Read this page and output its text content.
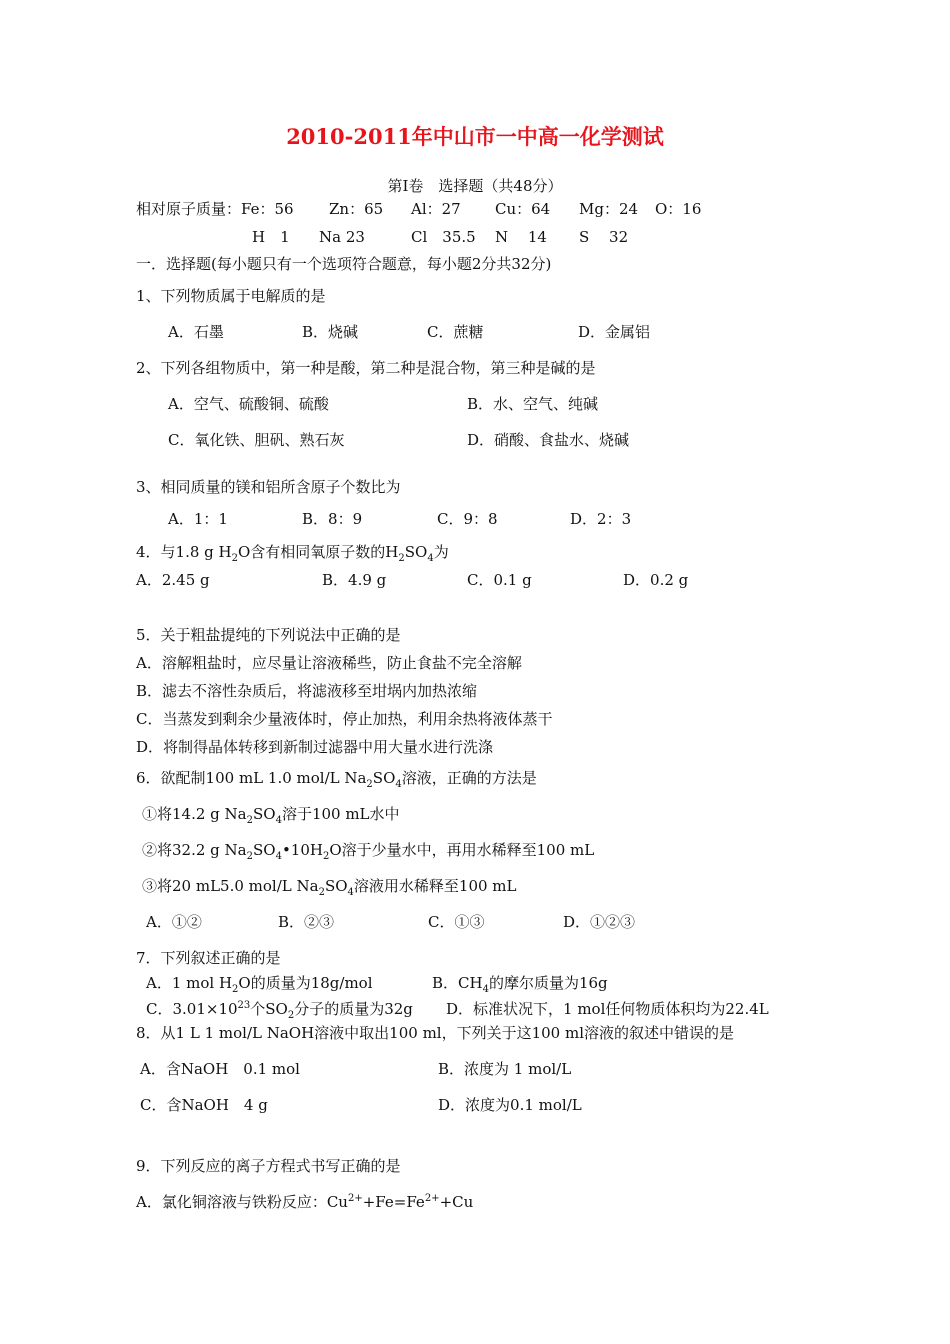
2010-2011年中山市一中高一化学测试
第Ⅰ卷　选择题（共48分）
相对原子质量：Fe：56 Zn：65 Al：27 Cu：64 Mg：24 O：16
H　1 Na 23	Cl　35.5 N　 14 S　 32
一．选择题(每小题只有一个选项符合题意，每小题2分共32分)
1、下列物质属于电解质的是
A．石墨	B．烧碱	C．蔗糖	D．金属铝
2、下列各组物质中，第一种是酸，第二种是混合物，第三种是碱的是
A．空气、硫酸铜、硫酸	B．水、空气、纯碱
C．氧化铁、胆矾、熟石灰	D．硝酸、食盐水、烧碱
3、相同质量的镁和铝所含原子个数比为
A．1：1	B．8：9	C．9：8	D．2：3
4．与1.8 g $H_2O$含有相同氧原子数的$H_2SO_4$为
A．2.45 g	B．4.9 g	C．0.1 g	D．0.2 g
5．关于粗盐提纯的下列说法中正确的是
A．溶解粗盐时，应尽量让溶液稀些，防止食盐不完全溶解
B．滤去不溶性杂质后，将滤液移至坩埚内加热浓缩
C．当蒸发到剩余少量液体时，停止加热，利用余热将液体蒸干
D．将制得晶体转移到新制过滤器中用大量水进行洗涤
6．欲配制100 mL 1.0 mol/L $Na_2SO_4$溶液，正确的方法是
①将14.2 g $Na_2SO_4$溶于100 mL水中
②将32.2 g $Na_2SO_4•10H_2O$溶于少量水中，再用水稀释至100 mL
③将20 mL5.0 mol/L $Na_2SO_4$溶液用水稀释至100 mL
A．①②	B．②③	C．①③	D．①②③
7．下列叙述正确的是
A．1 mol $H_2O$的质量为18g/mol	B．$CH_4$的摩尔质量为16g
C．$3.01\times 10^{23}$个$SO_2$分子的质量为32g D．标准状况下，1 mol任何物质体积均为22.4L
8．从1 L 1 mol/L NaOH溶液中取出100 ml，下列关于这100 ml溶液的叙述中错误的是
A．含NaOH　0.1 mol	B．浓度为 1 mol/L
C．含NaOH　4 g	D．浓度为0.1 mol/L
9．下列反应的离子方程式书写正确的是
A．氯化铜溶液与铁粉反应：$Cu^{2+}+Fe=Fe^{2+}+Cu$
